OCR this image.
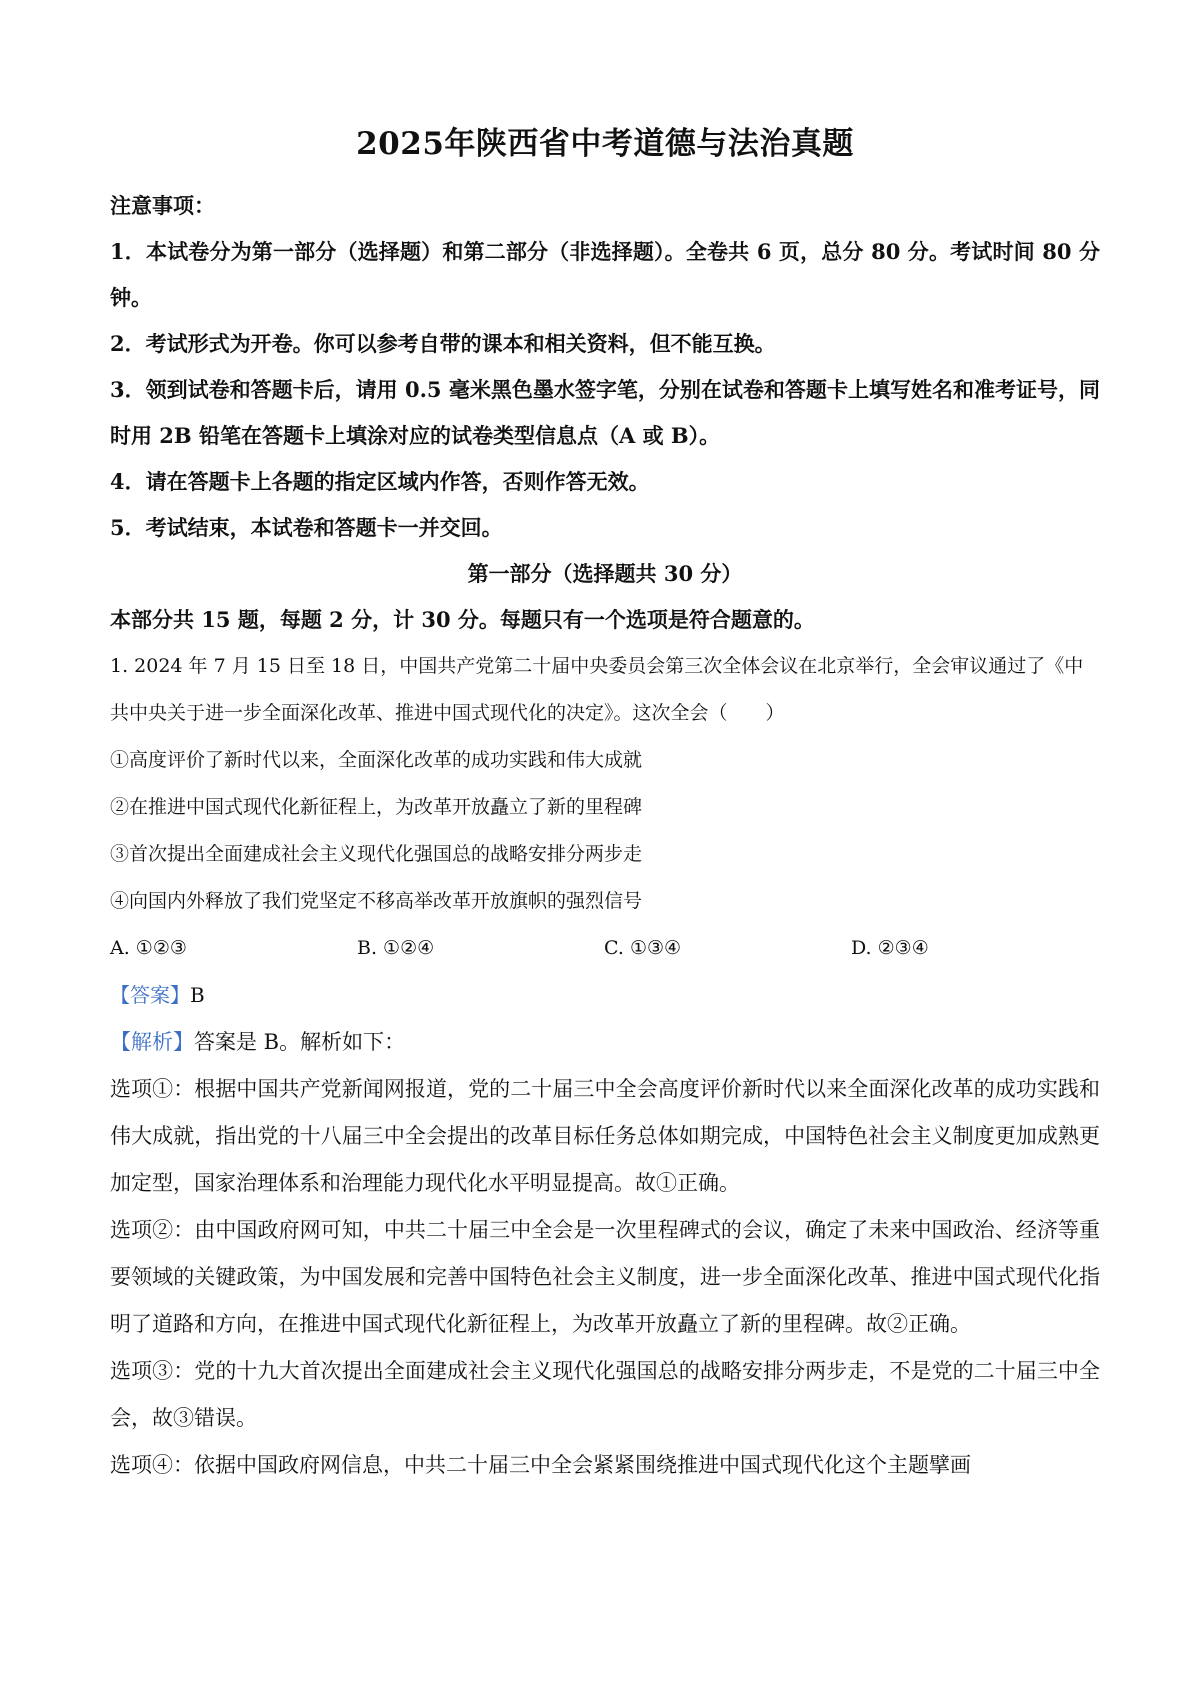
2025年陕西省中考道德与法治真题
注意事项：

1．本试卷分为第一部分（选择题）和第二部分（非选择题）。全卷共 6 页，总分 80 分。考试时间 80 分钟。

2．考试形式为开卷。你可以参考自带的课本和相关资料，但不能互换。

3．领到试卷和答题卡后，请用 0.5 毫米黑色墨水签字笔，分别在试卷和答题卡上填写姓名和准考证号，同时用 2B 铅笔在答题卡上填涂对应的试卷类型信息点（A 或 B）。

4．请在答题卡上各题的指定区域内作答，否则作答无效。

5．考试结束，本试卷和答题卡一并交回。

第一部分（选择题共 30 分）
本部分共 15 题，每题 2 分，计 30 分。每题只有一个选项是符合题意的。

1. 2024 年 7 月 15 日至 18 日，中国共产党第二十届中央委员会第三次全体会议在北京举行，全会审议通过了《中共中央关于进一步全面深化改革、推进中国式现代化的决定》。这次全会（　　）

①高度评价了新时代以来，全面深化改革的成功实践和伟大成就
②在推进中国式现代化新征程上，为改革开放矗立了新的里程碑
③首次提出全面建成社会主义现代化强国总的战略安排分两步走
④向国内外释放了我们党坚定不移高举改革开放旗帜的强烈信号
A. ①②③	B. ①②④	C. ①③④	D. ②③④
【答案】B
【解析】答案是 B。解析如下：

选项①：根据中国共产党新闻网报道，党的二十届三中全会高度评价新时代以来全面深化改革的成功实践和伟大成就，指出党的十八届三中全会提出的改革目标任务总体如期完成，中国特色社会主义制度更加成熟更加定型，国家治理体系和治理能力现代化水平明显提高。故①正确。

选项②：由中国政府网可知，中共二十届三中全会是一次里程碑式的会议，确定了未来中国政治、经济等重要领域的关键政策，为中国发展和完善中国特色社会主义制度，进一步全面深化改革、推进中国式现代化指明了道路和方向，在推进中国式现代化新征程上，为改革开放矗立了新的里程碑。故②正确。

选项③：党的十九大首次提出全面建成社会主义现代化强国总的战略安排分两步走，不是党的二十届三中全会，故③错误。

选项④：依据中国政府网信息，中共二十届三中全会紧紧围绕推进中国式现代化这个主题擘画
